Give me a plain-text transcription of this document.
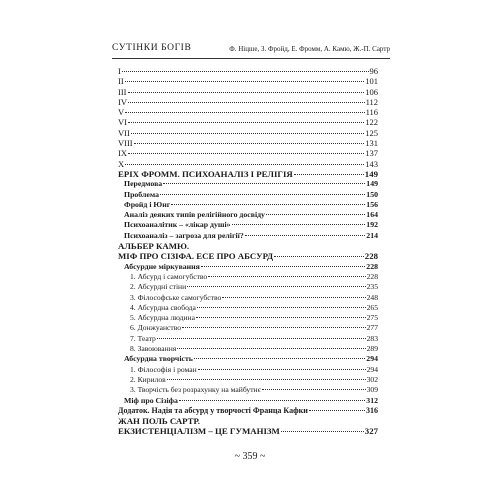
СУТІНКИ БОГІВ	Ф. Ніцше, З. Фройд, Е. Фромм, А. Камю, Ж.-П. Сартр
I	96
II	101
III	106
IV	112
V	116
VI	122
VII	125
VIII	131
IX	137
X	143
ЕРІХ ФРОММ. ПСИХОАНАЛІЗ І РЕЛІГІЯ	149
Передмова	149
Проблема	150
Фройд і Юнг	156
Аналіз деяких типів релігійного досвіду	164
Психоаналітик – «лікар душі»	192
Психоаналіз – загроза для релігії?	214
АЛЬБЕР КАМЮ.
МІФ ПРО СІЗІФА. ЕСЕ ПРО АБСУРД	228
Абсурдне міркування	228
1. Абсурд і самогубство	228
2. Абсурдні стіни	235
3. Філософське самогубство	248
4. Абсурдна свобода	265
5. Абсурдна людина	275
6. Донжуанство	277
7. Театр	283
8. Завоювання	289
Абсурдна творчість	294
1. Філософія і роман	294
2. Кирилов	302
3. Творчість без розрахунку на майбутнє	309
Міф про Сізіфа	312
Додаток. Надія та абсурд у творчості Франца Кафки	316
ЖАН ПОЛЬ САРТР.
ЕКЗИСТЕНЦІАЛІЗМ – ЦЕ ГУМАНІЗМ	327
~ 359 ~
